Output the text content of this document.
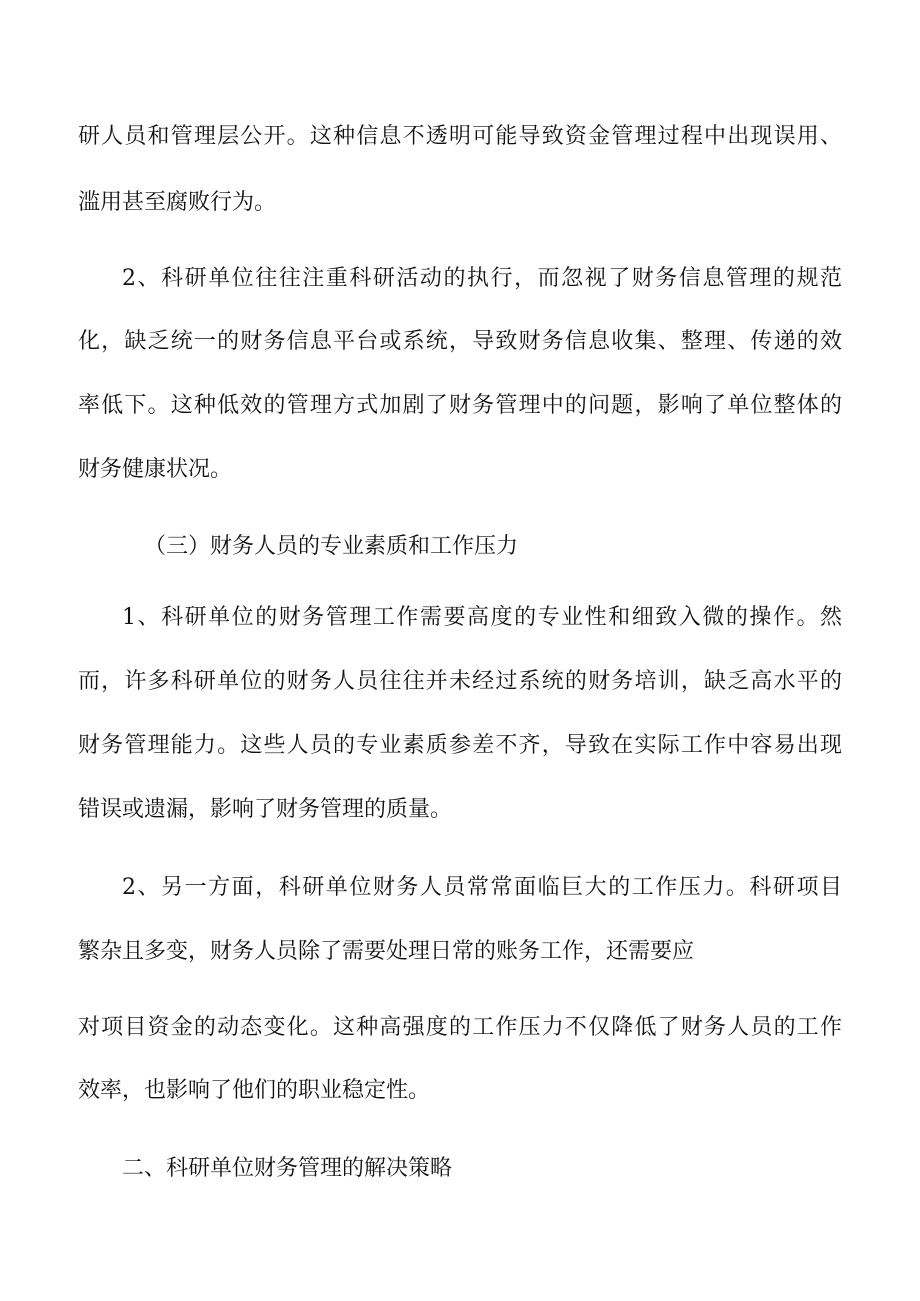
研人员和管理层公开。这种信息不透明可能导致资金管理过程中出现误用、

滥用甚至腐败行为。

2、科研单位往往注重科研活动的执行，而忽视了财务信息管理的规范

化，缺乏统一的财务信息平台或系统，导致财务信息收集、整理、传递的效

率低下。这种低效的管理方式加剧了财务管理中的问题，影响了单位整体的

财务健康状况。

（三）财务人员的专业素质和工作压力

1、科研单位的财务管理工作需要高度的专业性和细致入微的操作。然

而，许多科研单位的财务人员往往并未经过系统的财务培训，缺乏高水平的

财务管理能力。这些人员的专业素质参差不齐，导致在实际工作中容易出现

错误或遗漏，影响了财务管理的质量。

2、另一方面，科研单位财务人员常常面临巨大的工作压力。科研项目

繁杂且多变，财务人员除了需要处理日常的账务工作，还需要应

对项目资金的动态变化。这种高强度的工作压力不仅降低了财务人员的工作

效率，也影响了他们的职业稳定性。

二、科研单位财务管理的解决策略
